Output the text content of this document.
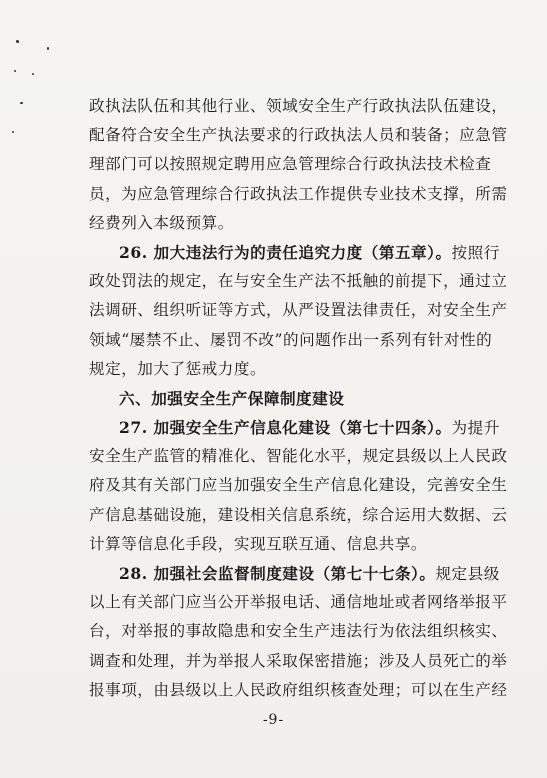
政执法队伍和其他行业、领域安全生产行政执法队伍建设，
配备符合安全生产执法要求的行政执法人员和装备；应急管
理部门可以按照规定聘用应急管理综合行政执法技术检查
员，为应急管理综合行政执法工作提供专业技术支撑，所需
经费列入本级预算。
26. 加大违法行为的责任追究力度（第五章）。按照行
政处罚法的规定，在与安全生产法不抵触的前提下，通过立
法调研、组织听证等方式，从严设置法律责任，对安全生产
领域“屡禁不止、屡罚不改”的问题作出一系列有针对性的
规定，加大了惩戒力度。
六、加强安全生产保障制度建设
27. 加强安全生产信息化建设（第七十四条）。为提升
安全生产监管的精准化、智能化水平，规定县级以上人民政
府及其有关部门应当加强安全生产信息化建设，完善安全生
产信息基础设施，建设相关信息系统，综合运用大数据、云
计算等信息化手段，实现互联互通、信息共享。
28. 加强社会监督制度建设（第七十七条）。规定县级
以上有关部门应当公开举报电话、通信地址或者网络举报平
台，对举报的事故隐患和安全生产违法行为依法组织核实、
调查和处理，并为举报人采取保密措施；涉及人员死亡的举
报事项，由县级以上人民政府组织核查处理；可以在生产经
-9-
